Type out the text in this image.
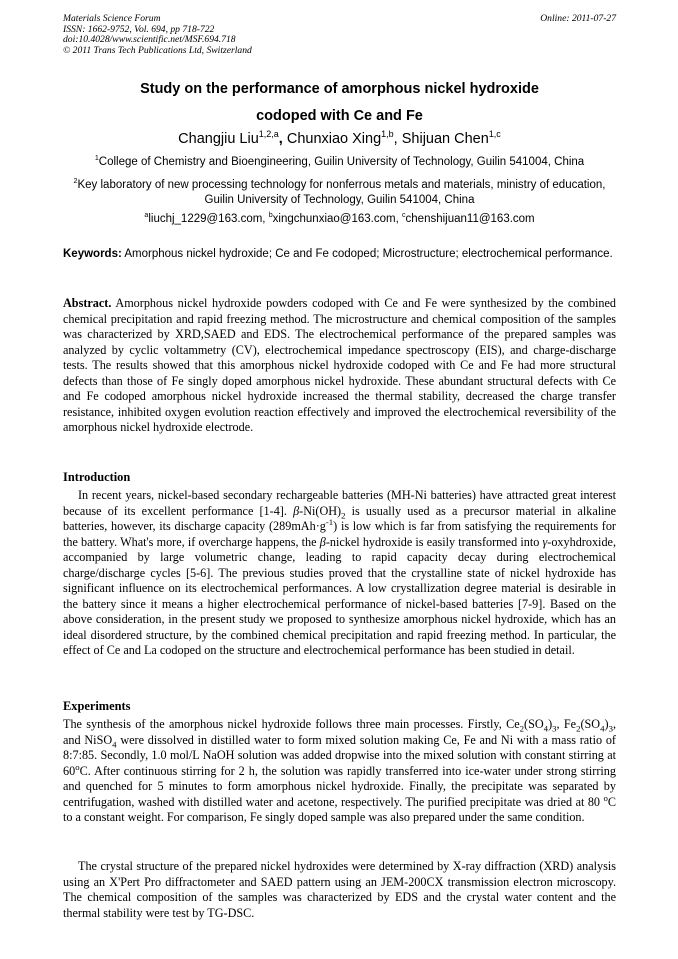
Materials Science Forum
ISSN: 1662-9752, Vol. 694, pp 718-722
doi:10.4028/www.scientific.net/MSF.694.718
© 2011 Trans Tech Publications Ltd, Switzerland
Online: 2011-07-27
Study on the performance of amorphous nickel hydroxide
codoped with Ce and Fe
Changjiu Liu$^{1,2,a}$, Chunxiao Xing$^{1,b}$, Shijuan Chen$^{1,c}$
$^1$College of Chemistry and Bioengineering, Guilin University of Technology, Guilin 541004, China
$^2$Key laboratory of new processing technology for nonferrous metals and materials, ministry of education, Guilin University of Technology, Guilin 541004, China
$^a$liuchj_1229@163.com, $^b$xingchunxiao@163.com, $^c$chenshijuan11@163.com
Keywords: Amorphous nickel hydroxide; Ce and Fe codoped; Microstructure; electrochemical performance.
Abstract. Amorphous nickel hydroxide powders codoped with Ce and Fe were synthesized by the combined chemical precipitation and rapid freezing method. The microstructure and chemical composition of the samples was characterized by XRD,SAED and EDS. The electrochemical performance of the prepared samples was analyzed by cyclic voltammetry (CV), electrochemical impedance spectroscopy (EIS), and charge-discharge tests. The results showed that this amorphous nickel hydroxide codoped with Ce and Fe had more structural defects than those of Fe singly doped amorphous nickel hydroxide. These abundant structural defects with Ce and Fe codoped amorphous nickel hydroxide increased the thermal stability, decreased the charge transfer resistance, inhibited oxygen evolution reaction effectively and improved the electrochemical reversibility of the amorphous nickel hydroxide electrode.
Introduction

In recent years, nickel-based secondary rechargeable batteries (MH-Ni batteries) have attracted great interest because of its excellent performance [1-4]. $\beta-Ni(OH)_2$ is usually used as a precursor material in alkaline batteries, however, its discharge capacity $(289mAh\cdot g^{-1})$ is low which is far from satisfying the requirements for the battery. What's more, if overcharge happens, the β-nickel hydroxide is easily transformed into γ-oxyhdroxide, accompanied by large volumetric change, leading to rapid capacity decay during electrochemical charge/discharge cycles [5-6]. The previous studies proved that the crystalline state of nickel hydroxide has significant influence on its electrochemical performances. A low crystallization degree material is desirable in the battery since it means a higher electrochemical performance of nickel-based batteries [7-9]. Based on the above consideration, in the present study we proposed to synthesize amorphous nickel hydroxide, which has an ideal disordered structure, by the combined chemical precipitation and rapid freezing method. In particular, the effect of Ce and La codoped on the structure and electrochemical performance has been studied in detail.

Experiments

The synthesis of the amorphous nickel hydroxide follows three main processes. Firstly, $Ce_2(SO_4)_3$, $Fe_2(SO_4)_3$, and NiSO$_4$ were dissolved in distilled water to form mixed solution making Ce, Fe and Ni with a mass ratio of 8:7:85. Secondly, 1.0 mol/L NaOH solution was added dropwise into the mixed solution with constant stirring at 60$^o$C. After continuous stirring for 2 h, the solution was rapidly transferred into ice-water under strong stirring and quenched for 5 minutes to form amorphous nickel hydroxide. Finally, the precipitate was separated by centrifugation, washed with distilled water and acetone, respectively. The purified precipitate was dried at 80 $^o$C to a constant weight. For comparison, Fe singly doped sample was also prepared under the same condition.

The crystal structure of the prepared nickel hydroxides were determined by X-ray diffraction (XRD) analysis using an X'Pert Pro diffractometer and SAED pattern using an JEM-200CX transmission electron microscopy. The chemical composition of the samples was characterized by EDS and the crystal water content and the thermal stability were test by TG-DSC.
